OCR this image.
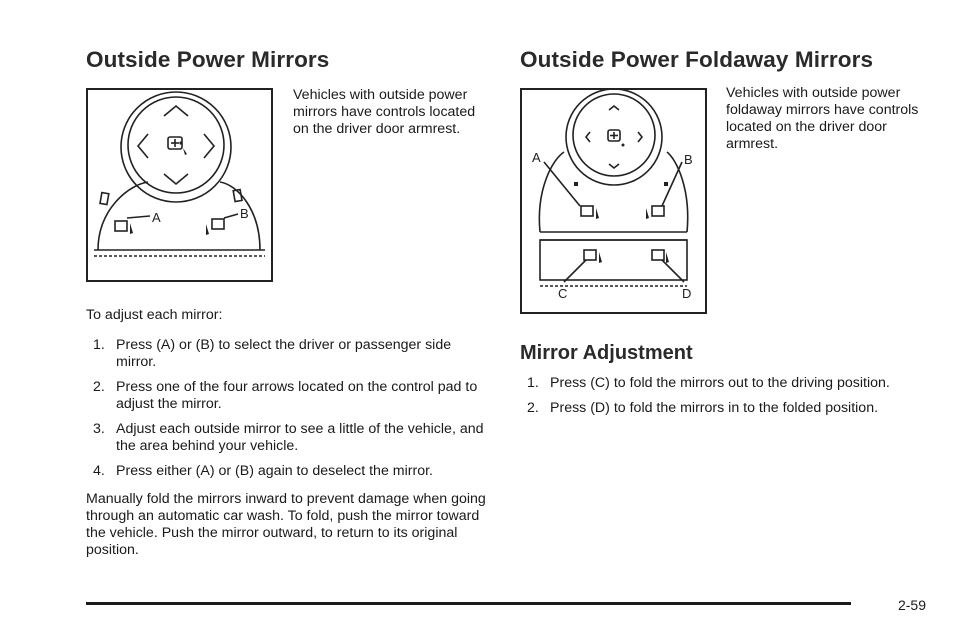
Outside Power Mirrors
A	B

Vehicles with outside power mirrors have controls located on the driver door armrest.

To adjust each mirror:

1. Press (A) or (B) to select the driver or passenger side mirror.
2. Press one of the four arrows located on the control pad to adjust the mirror.
3. Adjust each outside mirror to see a little of the vehicle, and the area behind your vehicle.
4. Press either (A) or (B) again to deselect the mirror.

Manually fold the mirrors inward to prevent damage when going through an automatic car wash. To fold, push the mirror toward the vehicle. Push the mirror outward, to return to its original position.

Outside Power Foldaway Mirrors
A	B
C	D

Vehicles with outside power foldaway mirrors have controls located on the driver door armrest.

Mirror Adjustment
1. Press (C) to fold the mirrors out to the driving position.
2. Press (D) to fold the mirrors in to the folded position.
2-59
